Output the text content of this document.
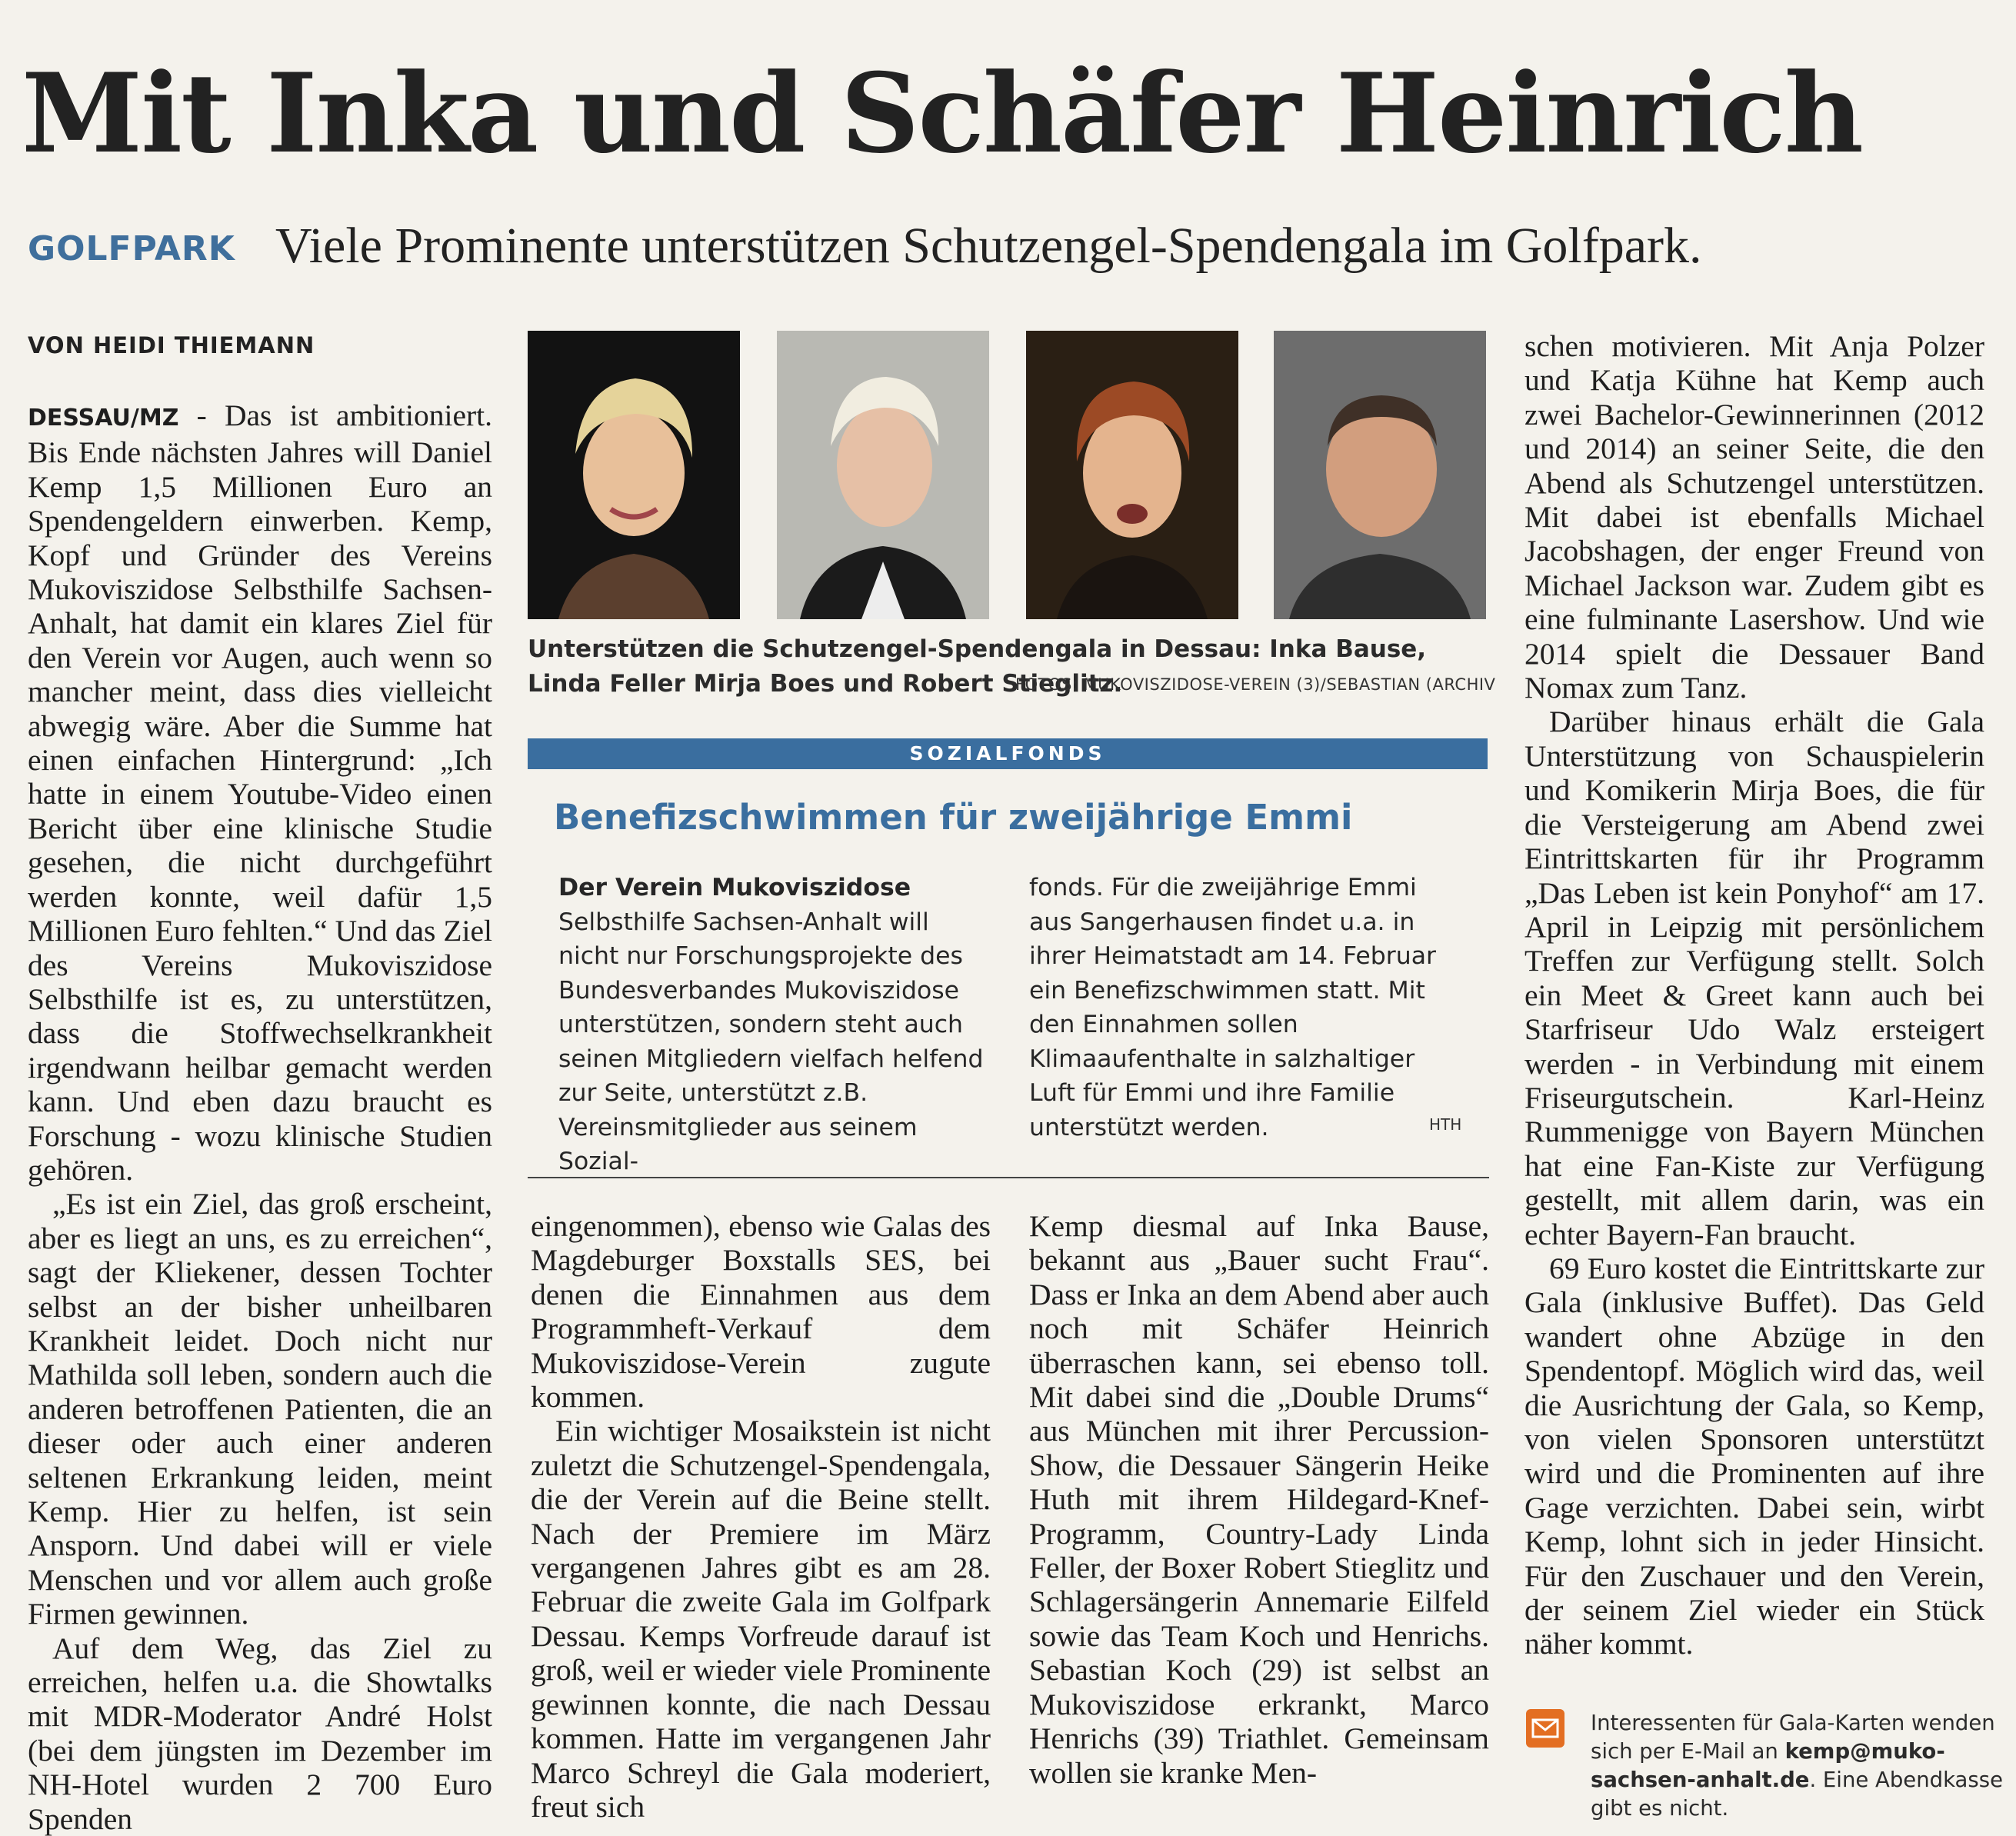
Mit Inka und Schäfer Heinrich
GOLFPARK Viele Prominente unterstützen Schutzengel-Spendengala im Golfpark.
VON HEIDI THIEMANN

DESSAU/MZ - Das ist ambitioniert. Bis Ende nächsten Jahres will Daniel Kemp 1,5 Millionen Euro an Spendengeldern einwerben. Kemp, Kopf und Gründer des Vereins Mukoviszidose Selbsthilfe Sachsen-Anhalt, hat damit ein klares Ziel für den Verein vor Augen, auch wenn so mancher meint, dass dies vielleicht abwegig wäre. Aber die Summe hat einen einfachen Hintergrund: „Ich hatte in einem Youtube-Video einen Bericht über eine klinische Studie gesehen, die nicht durchgeführt werden konnte, weil dafür 1,5 Millionen Euro fehlten.“ Und das Ziel des Vereins Mukoviszidose Selbsthilfe ist es, zu unterstützen, dass die Stoffwechselkrankheit irgendwann heilbar gemacht werden kann. Und eben dazu braucht es Forschung - wozu klinische Studien gehören.

„Es ist ein Ziel, das groß erscheint, aber es liegt an uns, es zu erreichen“, sagt der Kliekener, dessen Tochter selbst an der bisher unheilbaren Krankheit leidet. Doch nicht nur Mathilda soll leben, sondern auch die anderen betroffenen Patienten, die an dieser oder auch einer anderen seltenen Erkrankung leiden, meint Kemp. Hier zu helfen, ist sein Ansporn. Und dabei will er viele Menschen und vor allem auch große Firmen gewinnen.

Auf dem Weg, das Ziel zu erreichen, helfen u.a. die Showtalks mit MDR-Moderator André Holst (bei dem jüngsten im Dezember im NH-Hotel wurden 2 700 Euro Spenden

Unterstützen die Schutzengel-Spendengala in Dessau: Inka Bause, Linda Feller Mirja Boes und Robert Stieglitz.
FOTOS: MUKOVISZIDOSE-VEREIN (3)/SEBASTIAN (ARCHIV
SOZIALFONDS
Benefizschwimmen für zweijährige Emmi

Der Verein Mukoviszidose

Selbsthilfe Sachsen-Anhalt will nicht nur Forschungsprojekte des Bundesverbandes Mukoviszidose unterstützen, sondern steht auch seinen Mitgliedern vielfach helfend zur Seite, unterstützt z.B. Vereinsmitglieder aus seinem Sozial-

fonds. Für die zweijährige Emmi aus Sangerhausen findet u.a. in ihrer Heimatstadt am 14. Februar ein Benefizschwimmen statt. Mit den Einnahmen sollen Klimaaufenthalte in salzhaltiger Luft für Emmi und ihre Familie unterstützt werden.	HTH

eingenommen), ebenso wie Galas des Magdeburger Boxstalls SES, bei denen die Einnahmen aus dem Programmheft-Verkauf dem Mukoviszidose-Verein zugute kommen.

Ein wichtiger Mosaikstein ist nicht zuletzt die Schutzengel-Spendengala, die der Verein auf die Beine stellt. Nach der Premiere im März vergangenen Jahres gibt es am 28. Februar die zweite Gala im Golfpark Dessau. Kemps Vorfreude darauf ist groß, weil er wieder viele Prominente gewinnen konnte, die nach Dessau kommen. Hatte im vergangenen Jahr Marco Schreyl die Gala moderiert, freut sich

Kemp diesmal auf Inka Bause, bekannt aus „Bauer sucht Frau“. Dass er Inka an dem Abend aber auch noch mit Schäfer Heinrich überraschen kann, sei ebenso toll. Mit dabei sind die „Double Drums“ aus München mit ihrer Percussion-Show, die Dessauer Sängerin Heike Huth mit ihrem Hildegard-Knef-Programm, Country-Lady Linda Feller, der Boxer Robert Stieglitz und Schlagersängerin Annemarie Eilfeld sowie das Team Koch und Henrichs. Sebastian Koch (29) ist selbst an Mukoviszidose erkrankt, Marco Henrichs (39) Triathlet. Gemeinsam wollen sie kranke Men-

schen motivieren. Mit Anja Polzer und Katja Kühne hat Kemp auch zwei Bachelor-Gewinnerinnen (2012 und 2014) an seiner Seite, die den Abend als Schutzengel unterstützen. Mit dabei ist ebenfalls Michael Jacobshagen, der enger Freund von Michael Jackson war. Zudem gibt es eine fulminante Lasershow. Und wie 2014 spielt die Dessauer Band Nomax zum Tanz.

Darüber hinaus erhält die Gala Unterstützung von Schauspielerin und Komikerin Mirja Boes, die für die Versteigerung am Abend zwei Eintrittskarten für ihr Programm „Das Leben ist kein Ponyhof“ am 17. April in Leipzig mit persönlichem Treffen zur Verfügung stellt. Solch ein Meet & Greet kann auch bei Starfriseur Udo Walz ersteigert werden - in Verbindung mit einem Friseurgutschein. Karl-Heinz Rummenigge von Bayern München hat eine Fan-Kiste zur Verfügung gestellt, mit allem darin, was ein echter Bayern-Fan braucht.

69 Euro kostet die Eintrittskarte zur Gala (inklusive Buffet). Das Geld wandert ohne Abzüge in den Spendentopf. Möglich wird das, weil die Ausrichtung der Gala, so Kemp, von vielen Sponsoren unterstützt wird und die Prominenten auf ihre Gage verzichten. Dabei sein, wirbt Kemp, lohnt sich in jeder Hinsicht. Für den Zuschauer und den Verein, der seinem Ziel wieder ein Stück näher kommt.

Interessenten für Gala-Karten wenden sich per E-Mail an kemp@muko-sachsen-anhalt.de. Eine Abendkasse gibt es nicht.
